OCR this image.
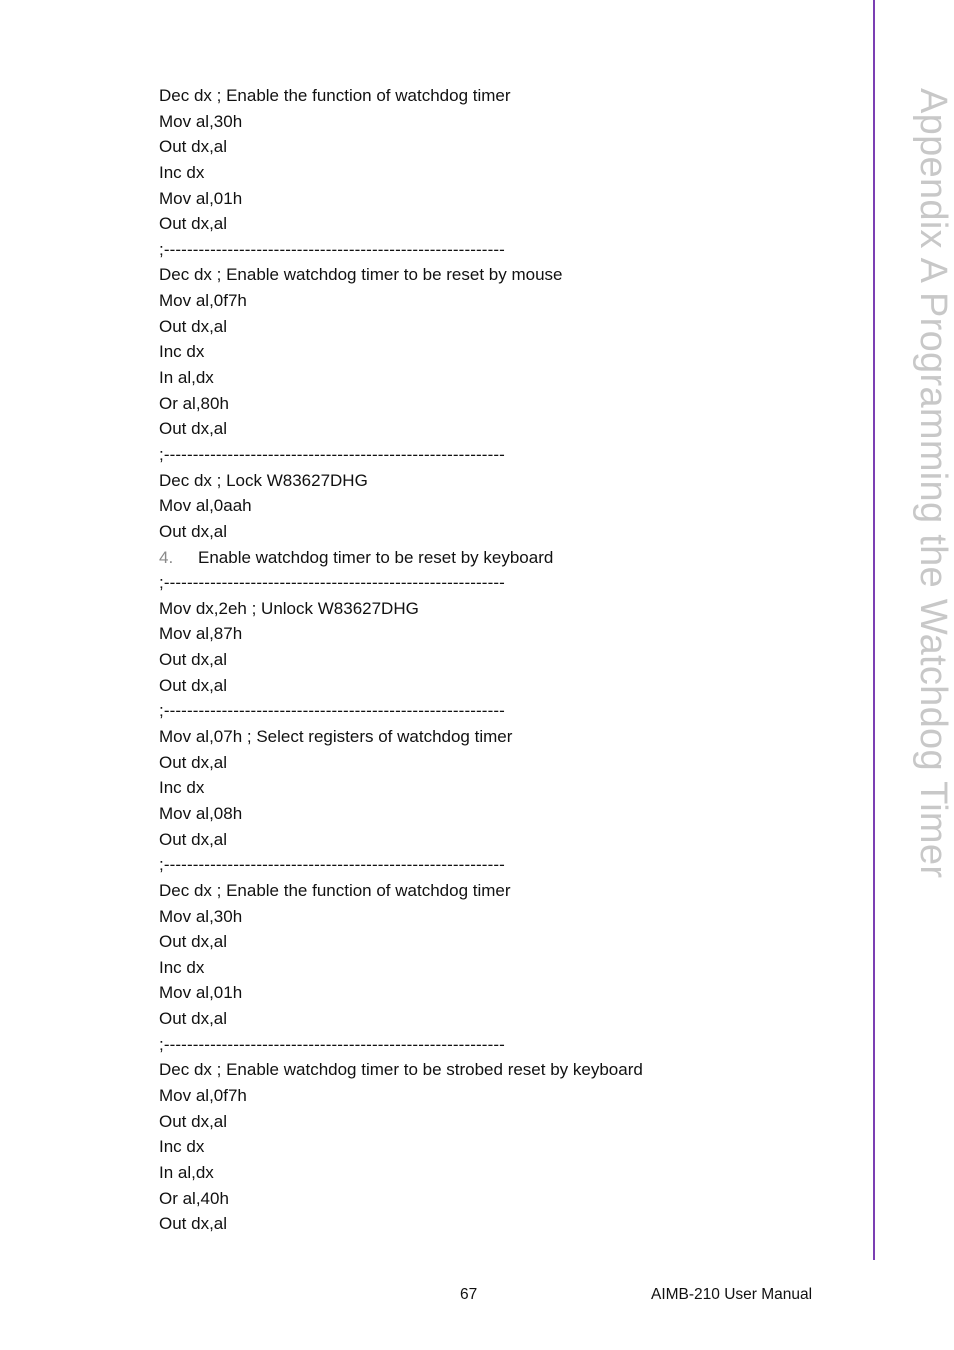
Appendix A Programming the Watchdog Timer
Dec dx ; Enable the function of watchdog timer
Mov al,30h
Out dx,al
Inc dx
Mov al,01h
Out dx,al
;-----------------------------------------------------------
Dec dx ; Enable watchdog timer to be reset by mouse
Mov al,0f7h
Out dx,al
Inc dx
In al,dx
Or al,80h
Out dx,al
;-----------------------------------------------------------
Dec dx ; Lock W83627DHG
Mov al,0aah
Out dx,al

4.

Enable watchdog timer to be reset by keyboard

;-----------------------------------------------------------
Mov dx,2eh ; Unlock W83627DHG
Mov al,87h
Out dx,al
Out dx,al
;-----------------------------------------------------------
Mov al,07h ; Select registers of watchdog timer
Out dx,al
Inc dx
Mov al,08h
Out dx,al
;-----------------------------------------------------------
Dec dx ; Enable the function of watchdog timer
Mov al,30h
Out dx,al
Inc dx
Mov al,01h
Out dx,al
;-----------------------------------------------------------
Dec dx ; Enable watchdog timer to be strobed reset by keyboard
Mov al,0f7h
Out dx,al
Inc dx
In al,dx
Or al,40h
Out dx,al
67	AIMB-210 User Manual
